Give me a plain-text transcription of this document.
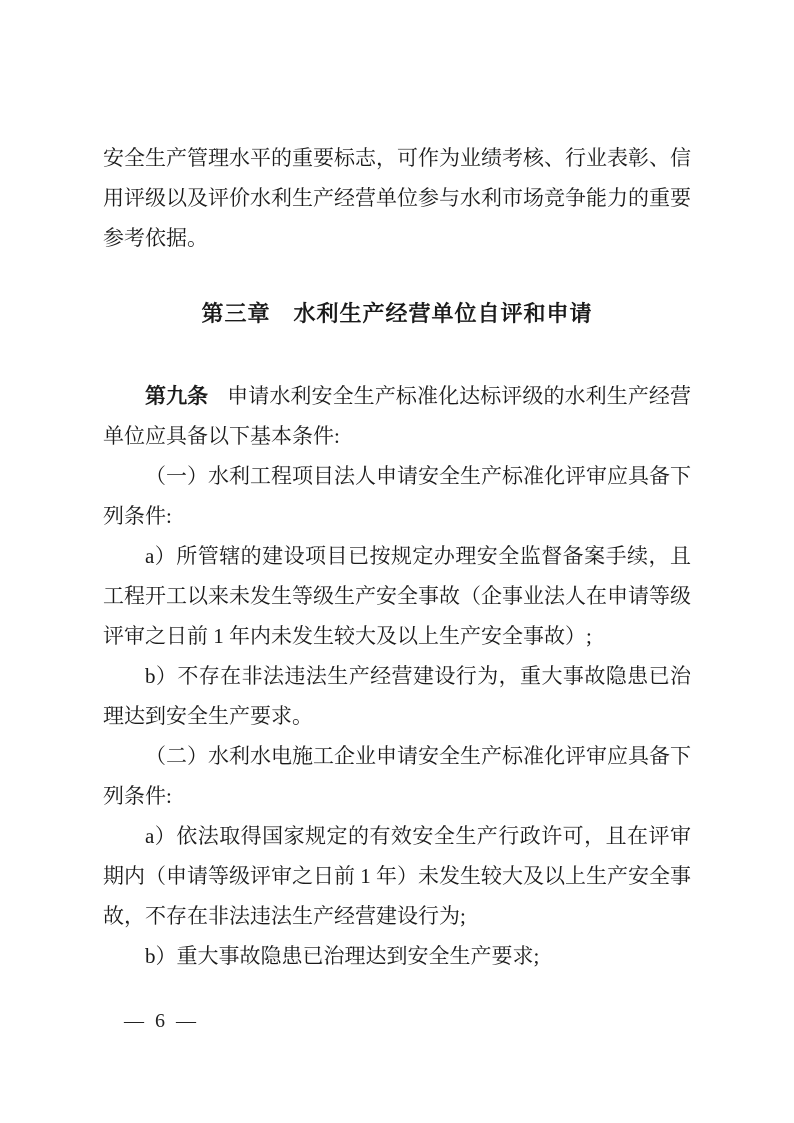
安全生产管理水平的重要标志，可作为业绩考核、行业表彰、信用评级以及评价水利生产经营单位参与水利市场竞争能力的重要参考依据。

第三章　水利生产经营单位自评和申请

第九条 申请水利安全生产标准化达标评级的水利生产经营单位应具备以下基本条件:

（一）水利工程项目法人申请安全生产标准化评审应具备下列条件:

a）所管辖的建设项目已按规定办理安全监督备案手续，且工程开工以来未发生等级生产安全事故（企事业法人在申请等级评审之日前 1 年内未发生较大及以上生产安全事故）;

b）不存在非法违法生产经营建设行为，重大事故隐患已治理达到安全生产要求。

（二）水利水电施工企业申请安全生产标准化评审应具备下列条件:

a）依法取得国家规定的有效安全生产行政许可，且在评审期内（申请等级评审之日前 1 年）未发生较大及以上生产安全事故，不存在非法违法生产经营建设行为;

b）重大事故隐患已治理达到安全生产要求;

— 6 —
